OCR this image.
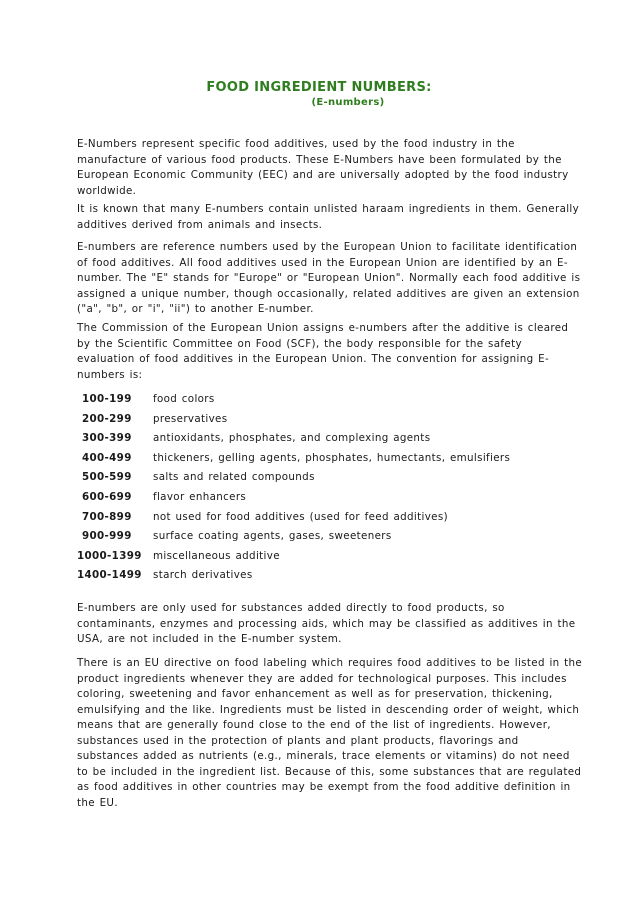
FOOD INGREDIENT NUMBERS:
(E-numbers)

E-Numbers represent specific food additives, used by the food industry in the
manufacture of various food products. These E-Numbers have been formulated by the
European Economic Community (EEC) and are universally adopted by the food industry
worldwide.

It is known that many E-numbers contain unlisted haraam ingredients in them. Generally
additives derived from animals and insects.

E-numbers are reference numbers used by the European Union to facilitate identification
of food additives. All food additives used in the European Union are identified by an E-
number. The "E" stands for "Europe" or "European Union". Normally each food additive is
assigned a unique number, though occasionally, related additives are given an extension
("a", "b", or "i", "ii") to another E-number.

The Commission of the European Union assigns e-numbers after the additive is cleared
by the Scientific Committee on Food (SCF), the body responsible for the safety
evaluation of food additives in the European Union. The convention for assigning E-
numbers is:

100-199 food colors
200-299 preservatives
300-399 antioxidants, phosphates, and complexing agents
400-499 thickeners, gelling agents, phosphates, humectants, emulsifiers
500-599 salts and related compounds
600-699 flavor enhancers
700-899 not used for food additives (used for feed additives)
900-999 surface coating agents, gases, sweeteners
1000-1399 miscellaneous additive
1400-1499 starch derivatives

E-numbers are only used for substances added directly to food products, so
contaminants, enzymes and processing aids, which may be classified as additives in the
USA, are not included in the E-number system.

There is an EU directive on food labeling which requires food additives to be listed in the
product ingredients whenever they are added for technological purposes. This includes
coloring, sweetening and favor enhancement as well as for preservation, thickening,
emulsifying and the like. Ingredients must be listed in descending order of weight, which
means that are generally found close to the end of the list of ingredients. However,
substances used in the protection of plants and plant products, flavorings and
substances added as nutrients (e.g., minerals, trace elements or vitamins) do not need
to be included in the ingredient list. Because of this, some substances that are regulated
as food additives in other countries may be exempt from the food additive definition in
the EU.
